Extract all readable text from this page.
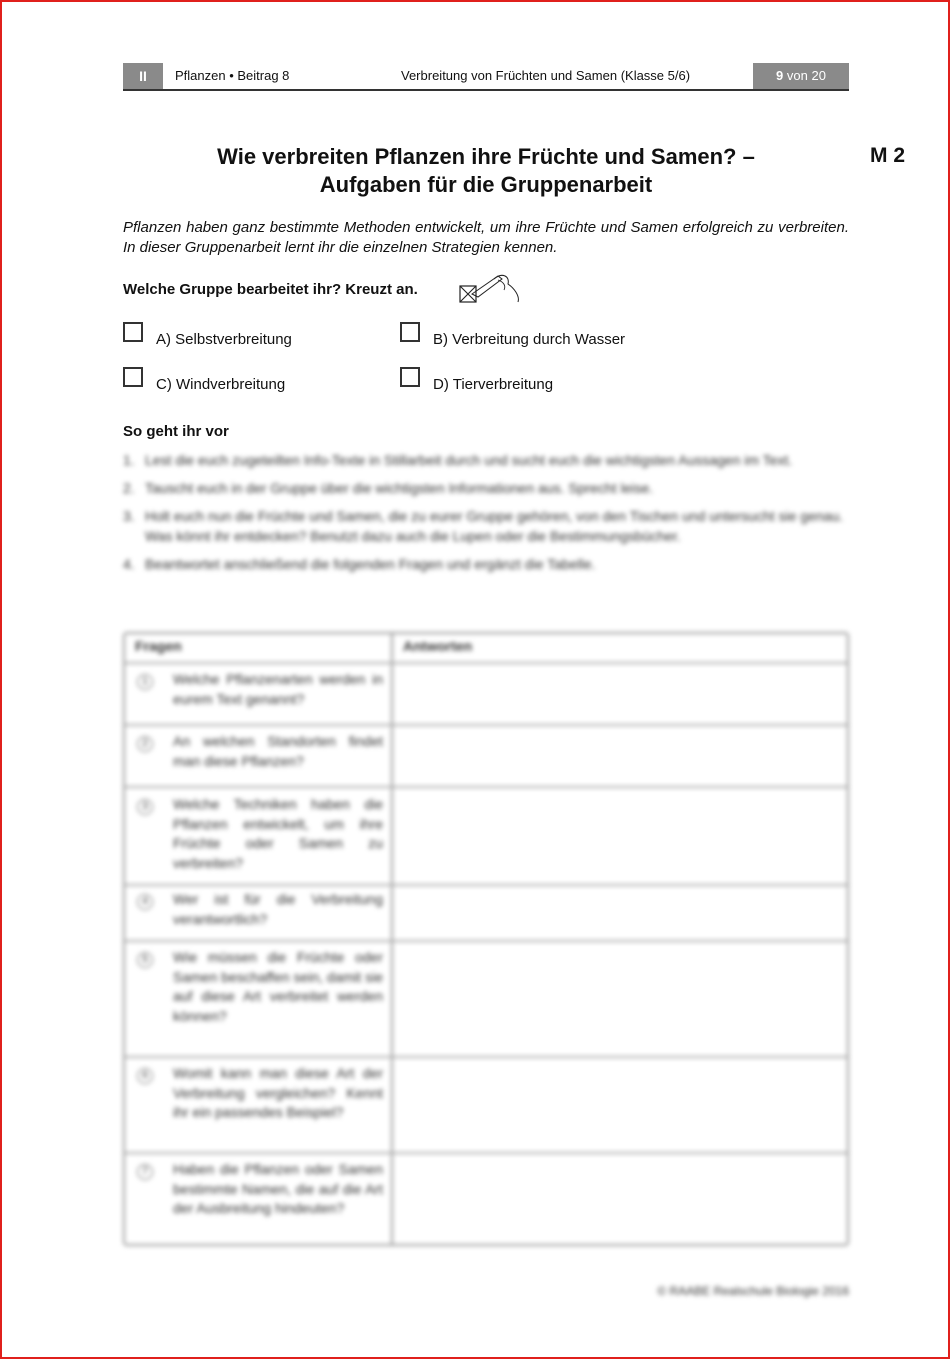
II	Pflanzen • Beitrag 8	Verbreitung von Früchten und Samen (Klasse 5/6)	9 von 20
Wie verbreiten Pflanzen ihre Früchte und Samen? –
Aufgaben für die Gruppenarbeit
M 2
Pflanzen haben ganz bestimmte Methoden entwickelt, um ihre Früchte und Samen erfolgreich zu verbreiten. In dieser Gruppenarbeit lernt ihr die einzelnen Strategien kennen.
Welche Gruppe bearbeitet ihr? Kreuzt an.
A) Selbstverbreitung	B) Verbreitung durch Wasser
C) Windverbreitung	D) Tierverbreitung
So geht ihr vor
1. Lest die euch zugeteilten Info-Texte in Stillarbeit durch und sucht euch die wichtigsten Aussagen im Text.
2. Tauscht euch in der Gruppe über die wichtigsten Informationen aus. Sprecht leise.
3. Holt euch nun die Früchte und Samen, die zu eurer Gruppe gehören, von den Tischen und untersucht sie genau. Was könnt ihr entdecken? Benutzt dazu auch die Lupen oder die Bestimmungsbücher.
4. Beantwortet anschließend die folgenden Fragen und ergänzt die Tabelle.
Fragen	Antworten
1	Welche Pflanzenarten werden in eurem Text genannt?
2	An welchen Standorten findet man diese Pflanzen?
3	Welche Techniken haben die Pflanzen entwickelt, um ihre Früchte oder Samen zu verbreiten?
4	Wer ist für die Verbreitung verantwortlich?
5	Wie müssen die Früchte oder Samen beschaffen sein, damit sie auf diese Art verbreitet werden können?
6	Womit kann man diese Art der Verbreitung vergleichen? Kennt ihr ein passendes Beispiel?
7	Haben die Pflanzen oder Samen bestimmte Namen, die auf die Art der Ausbreitung hindeuten?
© RAABE Realschule Biologie 2016
